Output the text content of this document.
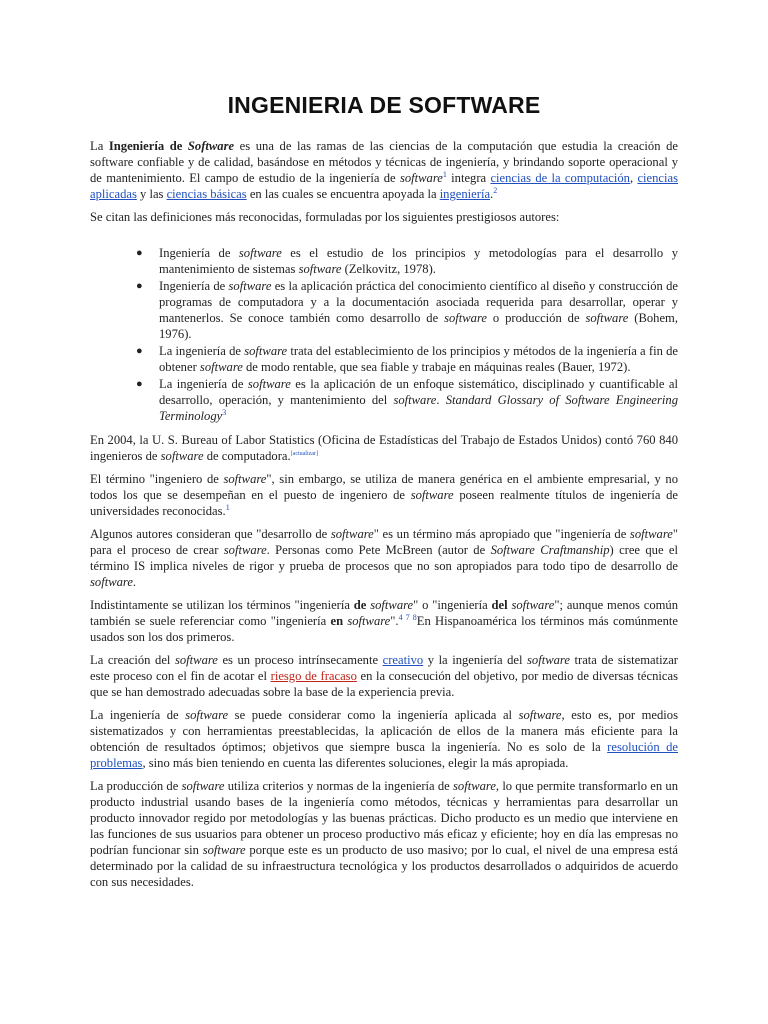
INGENIERIA DE SOFTWARE

La Ingeniería de Software es una de las ramas de las ciencias de la computación que estudia la creación de software confiable y de calidad, basándose en métodos y técnicas de ingeniería, y brindando soporte operacional y de mantenimiento. El campo de estudio de la ingeniería de software$^1$ integra ciencias de la computación, ciencias aplicadas y las ciencias básicas en las cuales se encuentra apoyada la ingeniería.$^2$

Se citan las definiciones más reconocidas, formuladas por los siguientes prestigiosos autores:

● Ingeniería de software es el estudio de los principios y metodologías para el desarrollo y mantenimiento de sistemas software (Zelkovitz, 1978).
● Ingeniería de software es la aplicación práctica del conocimiento científico al diseño y construcción de programas de computadora y a la documentación asociada requerida para desarrollar, operar y mantenerlos. Se conoce también como desarrollo de software o producción de software (Bohem, 1976).
● La ingeniería de software trata del establecimiento de los principios y métodos de la ingeniería a fin de obtener software de modo rentable, que sea fiable y trabaje en máquinas reales (Bauer, 1972).
● La ingeniería de software es la aplicación de un enfoque sistemático, disciplinado y cuantificable al desarrollo, operación, y mantenimiento del software. Standard Glossary of Software Engineering Terminology$^3$

En 2004, la U. S. Bureau of Labor Statistics (Oficina de Estadísticas del Trabajo de Estados Unidos) contó 760 840 ingenieros de software de computadora.[actualizar]

El término "ingeniero de software", sin embargo, se utiliza de manera genérica en el ambiente empresarial, y no todos los que se desempeñan en el puesto de ingeniero de software poseen realmente títulos de ingeniería de universidades reconocidas.$^1$

Algunos autores consideran que "desarrollo de software" es un término más apropiado que "ingeniería de software" para el proceso de crear software. Personas como Pete McBreen (autor de Software Craftmanship) cree que el término IS implica niveles de rigor y prueba de procesos que no son apropiados para todo tipo de desarrollo de software.

Indistintamente se utilizan los términos "ingeniería de software" o "ingeniería del software"; aunque menos común también se suele referenciar como "ingeniería en software".$^{4 7 8}$En Hispanoamérica los términos más comúnmente usados son los dos primeros.

La creación del software es un proceso intrínsecamente creativo y la ingeniería del software trata de sistematizar este proceso con el fin de acotar el riesgo de fracaso en la consecución del objetivo, por medio de diversas técnicas que se han demostrado adecuadas sobre la base de la experiencia previa.

La ingeniería de software se puede considerar como la ingeniería aplicada al software, esto es, por medios sistematizados y con herramientas preestablecidas, la aplicación de ellos de la manera más eficiente para la obtención de resultados óptimos; objetivos que siempre busca la ingeniería. No es solo de la resolución de problemas, sino más bien teniendo en cuenta las diferentes soluciones, elegir la más apropiada.

La producción de software utiliza criterios y normas de la ingeniería de software, lo que permite transformarlo en un producto industrial usando bases de la ingeniería como métodos, técnicas y herramientas para desarrollar un producto innovador regido por metodologías y las buenas prácticas. Dicho producto es un medio que interviene en las funciones de sus usuarios para obtener un proceso productivo más eficaz y eficiente; hoy en día las empresas no podrían funcionar sin software porque este es un producto de uso masivo; por lo cual, el nivel de una empresa está determinado por la calidad de su infraestructura tecnológica y los productos desarrollados o adquiridos de acuerdo con sus necesidades.
